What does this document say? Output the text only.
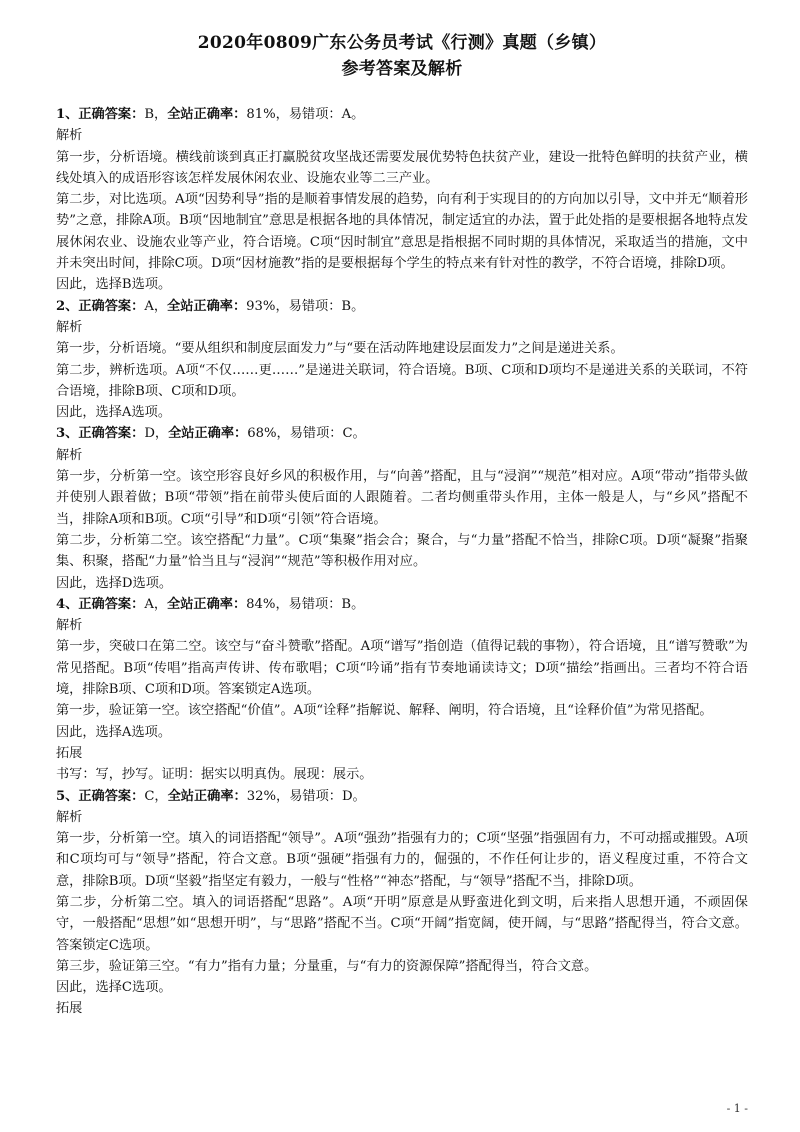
2020年0809广东公务员考试《行测》真题（乡镇）
参考答案及解析
1、正确答案：B，全站正确率：81%，易错项：A。
解析
第一步，分析语境。横线前谈到真正打赢脱贫攻坚战还需要发展优势特色扶贫产业，建设一批特色鲜明的扶贫产业，横线处填入的成语形容该怎样发展休闲农业、设施农业等二三产业。
第二步，对比选项。A项“因势利导”指的是顺着事情发展的趋势，向有利于实现目的的方向加以引导，文中并无“顺着形势”之意，排除A项。B项“因地制宜”意思是根据各地的具体情况，制定适宜的办法，置于此处指的是要根据各地特点发展休闲农业、设施农业等产业，符合语境。C项“因时制宜”意思是指根据不同时期的具体情况，采取适当的措施，文中并未突出时间，排除C项。D项“因材施教”指的是要根据每个学生的特点来有针对性的教学，不符合语境，排除D项。
因此，选择B选项。
2、正确答案：A，全站正确率：93%，易错项：B。
解析
第一步，分析语境。“要从组织和制度层面发力”与“要在活动阵地建设层面发力”之间是递进关系。
第二步，辨析选项。A项“不仅……更……”是递进关联词，符合语境。B项、C项和D项均不是递进关系的关联词，不符合语境，排除B项、C项和D项。
因此，选择A选项。
3、正确答案：D，全站正确率：68%，易错项：C。
解析
第一步，分析第一空。该空形容良好乡风的积极作用，与“向善”搭配，且与“浸润”“规范”相对应。A项“带动”指带头做并使别人跟着做；B项“带领”指在前带头使后面的人跟随着。二者均侧重带头作用，主体一般是人，与“乡风”搭配不当，排除A项和B项。C项“引导”和D项“引领”符合语境。
第二步，分析第二空。该空搭配“力量”。C项“集聚”指会合；聚合，与“力量”搭配不恰当，排除C项。D项“凝聚”指聚集、积聚，搭配“力量”恰当且与“浸润”“规范”等积极作用对应。
因此，选择D选项。
4、正确答案：A，全站正确率：84%，易错项：B。
解析
第一步，突破口在第二空。该空与“奋斗赞歌”搭配。A项“谱写”指创造（值得记载的事物），符合语境，且“谱写赞歌”为常见搭配。B项“传唱”指高声传讲、传布歌唱；C项“吟诵”指有节奏地诵读诗文；D项“描绘”指画出。三者均不符合语境，排除B项、C项和D项。答案锁定A选项。
第一步，验证第一空。该空搭配“价值”。A项“诠释”指解说、解释、阐明，符合语境，且“诠释价值”为常见搭配。
因此，选择A选项。
拓展
书写：写，抄写。证明：据实以明真伪。展现：展示。
5、正确答案：C，全站正确率：32%，易错项：D。
解析
第一步，分析第一空。填入的词语搭配“领导”。A项“强劲”指强有力的；C项“坚强”指强固有力，不可动摇或摧毁。A项和C项均可与“领导”搭配，符合文意。B项“强硬”指强有力的，倔强的，不作任何让步的，语义程度过重，不符合文意，排除B项。D项“坚毅”指坚定有毅力，一般与“性格”“神态”搭配，与“领导”搭配不当，排除D项。
第二步，分析第二空。填入的词语搭配“思路”。A项“开明”原意是从野蛮进化到文明，后来指人思想开通，不顽固保守，一般搭配“思想”如“思想开明”，与“思路”搭配不当。C项“开阔”指宽阔，使开阔，与“思路”搭配得当，符合文意。答案锁定C选项。
第三步，验证第三空。“有力”指有力量；分量重，与“有力的资源保障”搭配得当，符合文意。
因此，选择C选项。
拓展
- 1 -
